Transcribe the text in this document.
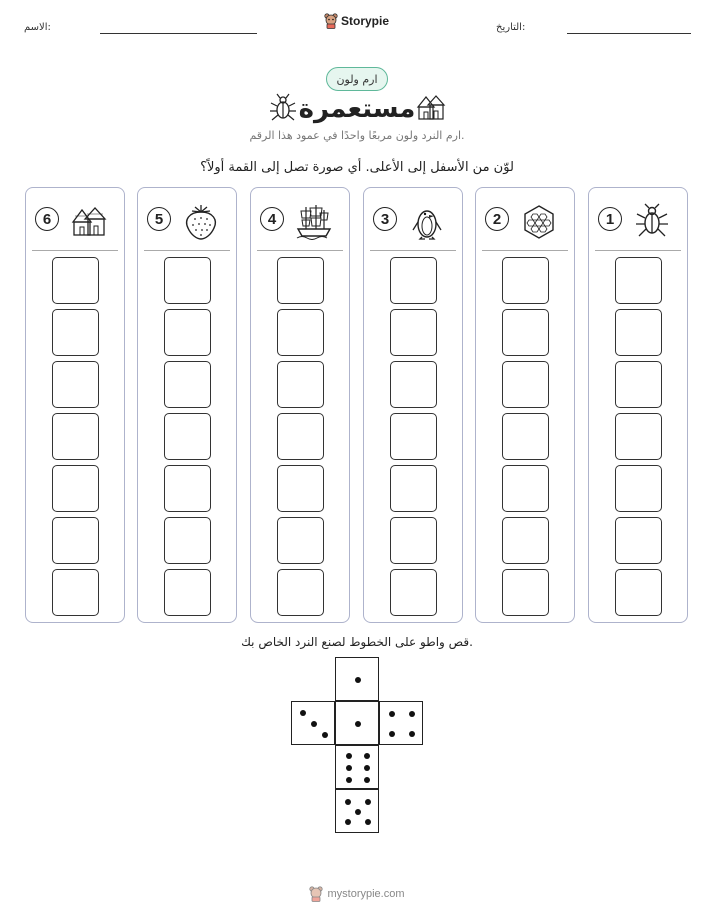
الاسم:	التاريخ:
Storypie
ارم ولون
مستعمرة
ارم النرد ولون مربعًا واحدًا في عمود هذا الرقم.
لوّن من الأسفل إلى الأعلى. أي صورة تصل إلى القمة أولاً؟
1
2
3
4
5
6
قص واطو على الخطوط لصنع النرد الخاص بك.
mystorypie.com
